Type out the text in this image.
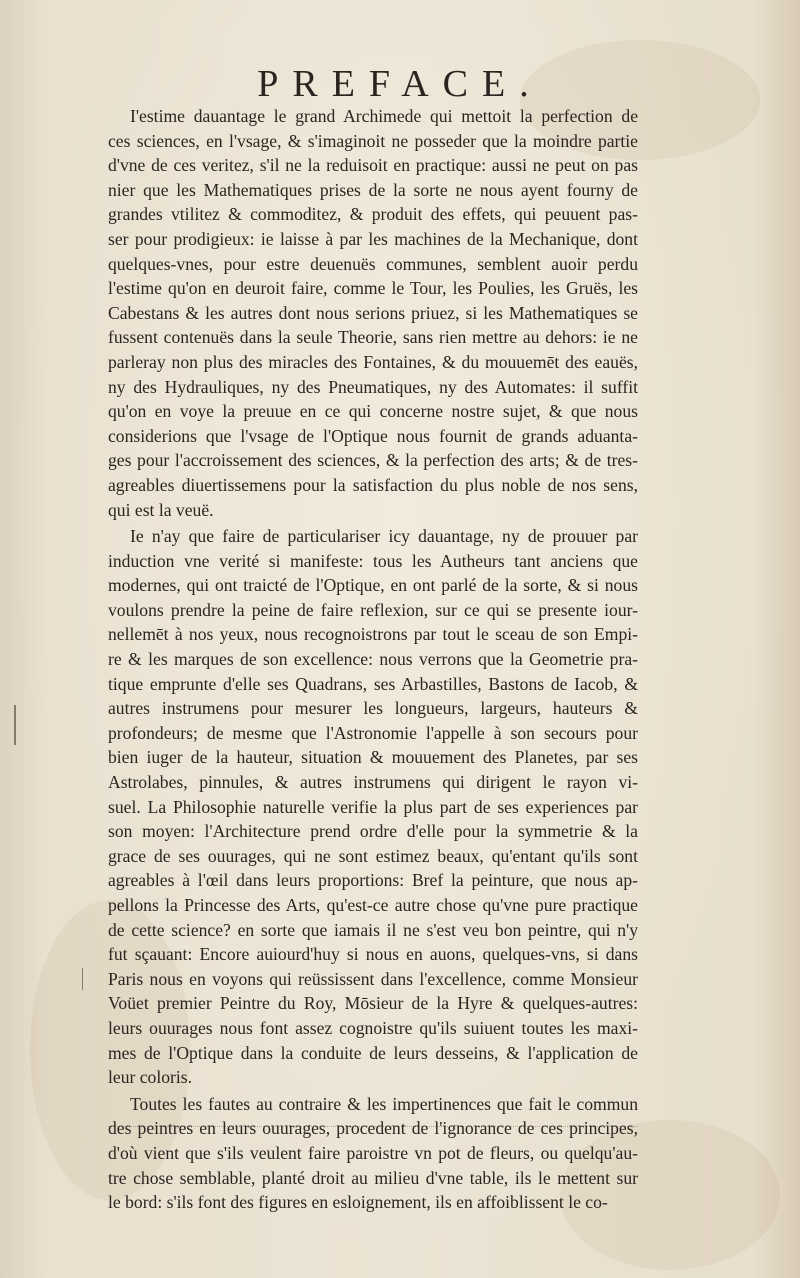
PREFACE.
I'estime dauantage le grand Archimede qui mettoit la perfection de
ces sciences, en l'vsage, & s'imaginoit ne posseder que la moindre partie
d'vne de ces veritez, s'il ne la reduisoit en practique: aussi ne peut on pas
nier que les Mathematiques prises de la sorte ne nous ayent fourny de
grandes vtilitez & commoditez, & produit des effets, qui peuuent pas-
ser pour prodigieux: ie laisse à par les machines de la Mechanique, dont
quelques-vnes, pour estre deuenuës communes, semblent auoir perdu
l'estime qu'on en deuroit faire, comme le Tour, les Poulies, les Gruës, les
Cabestans & les autres dont nous serions priuez, si les Mathematiques se
fussent contenuës dans la seule Theorie, sans rien mettre au dehors: ie ne
parleray non plus des miracles des Fontaines, & du mouuemēt des eauës,
ny des Hydrauliques, ny des Pneumatiques, ny des Automates: il suffit
qu'on en voye la preuue en ce qui concerne nostre sujet, & que nous
considerions que l'vsage de l'Optique nous fournit de grands aduanta-
ges pour l'accroissement des sciences, & la perfection des arts; & de tres-
agreables diuertissemens pour la satisfaction du plus noble de nos sens,
qui est la veuë.
Ie n'ay que faire de particulariser icy dauantage, ny de prouuer par
induction vne verité si manifeste: tous les Autheurs tant anciens que
modernes, qui ont traicté de l'Optique, en ont parlé de la sorte, & si nous
voulons prendre la peine de faire reflexion, sur ce qui se presente iour-
nellemēt à nos yeux, nous recognoistrons par tout le sceau de son Empi-
re & les marques de son excellence: nous verrons que la Geometrie pra-
tique emprunte d'elle ses Quadrans, ses Arbastilles, Bastons de Iacob, &
autres instrumens pour mesurer les longueurs, largeurs, hauteurs &
profondeurs; de mesme que l'Astronomie l'appelle à son secours pour
bien iuger de la hauteur, situation & mouuement des Planetes, par ses
Astrolabes, pinnules, & autres instrumens qui dirigent le rayon vi-
suel. La Philosophie naturelle verifie la plus part de ses experiences par
son moyen: l'Architecture prend ordre d'elle pour la symmetrie & la
grace de ses ouurages, qui ne sont estimez beaux, qu'entant qu'ils sont
agreables à l'œil dans leurs proportions: Bref la peinture, que nous ap-
pellons la Princesse des Arts, qu'est-ce autre chose qu'vne pure practique
de cette science? en sorte que iamais il ne s'est veu bon peintre, qui n'y
fut sçauant: Encore auiourd'huy si nous en auons, quelques-vns, si dans
Paris nous en voyons qui reüssissent dans l'excellence, comme Monsieur
Voüet premier Peintre du Roy, Mōsieur de la Hyre & quelques-autres:
leurs ouurages nous font assez cognoistre qu'ils suiuent toutes les maxi-
mes de l'Optique dans la conduite de leurs desseins, & l'application de
leur coloris.
Toutes les fautes au contraire & les impertinences que fait le commun
des peintres en leurs ouurages, procedent de l'ignorance de ces principes,
d'où vient que s'ils veulent faire paroistre vn pot de fleurs, ou quelqu'au-
tre chose semblable, planté droit au milieu d'vne table, ils le mettent sur
le bord: s'ils font des figures en esloignement, ils en affoiblissent le co-
